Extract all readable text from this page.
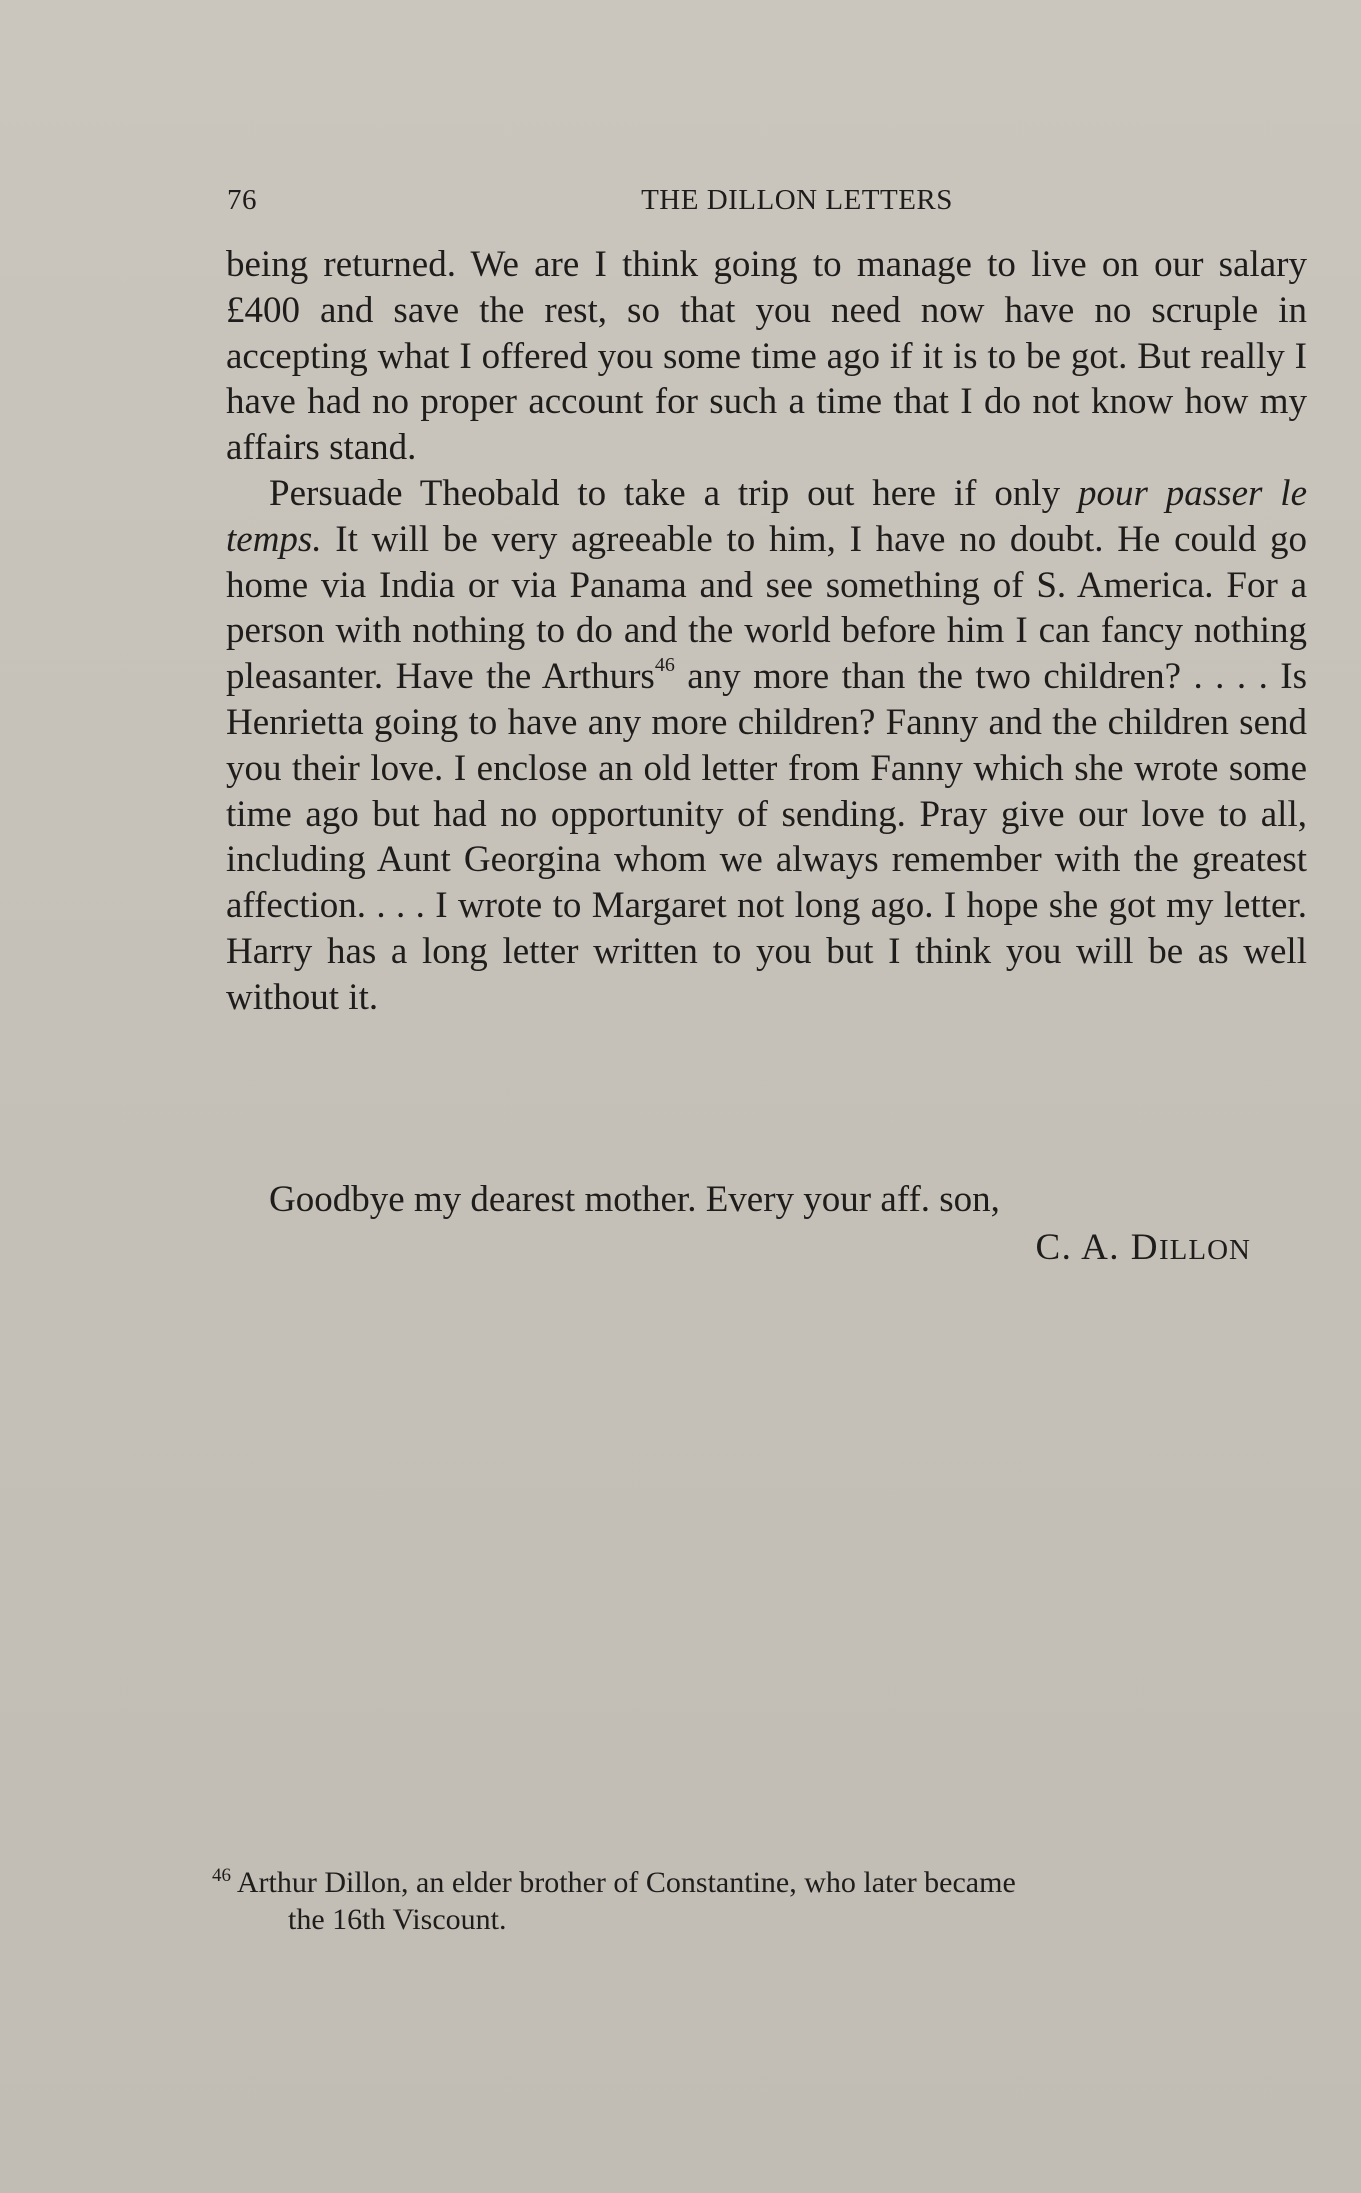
76	THE DILLON LETTERS

being returned. We are I think going to manage to live on our salary £400 and save the rest, so that you need now have no scruple in accepting what I offered you some time ago if it is to be got. But really I have had no proper account for such a time that I do not know how my affairs stand.

Persuade Theobald to take a trip out here if only pour passer le temps. It will be very agreeable to him, I have no doubt. He could go home via India or via Panama and see something of S. America. For a person with nothing to do and the world before him I can fancy nothing pleasanter. Have the Arthurs$^{46}$ any more than the two children? . . . . Is Henrietta going to have any more children? Fanny and the children send you their love. I enclose an old letter from Fanny which she wrote some time ago but had no opportunity of sending. Pray give our love to all, including Aunt Georgina whom we always remember with the greatest affection. . . . I wrote to Margaret not long ago. I hope she got my letter. Harry has a long letter written to you but I think you will be as well without it.

Goodbye my dearest mother. Every your aff. son,
C. A. DILLON
$^{46}$ Arthur Dillon, an elder brother of Constantine, who later became
the 16th Viscount.
